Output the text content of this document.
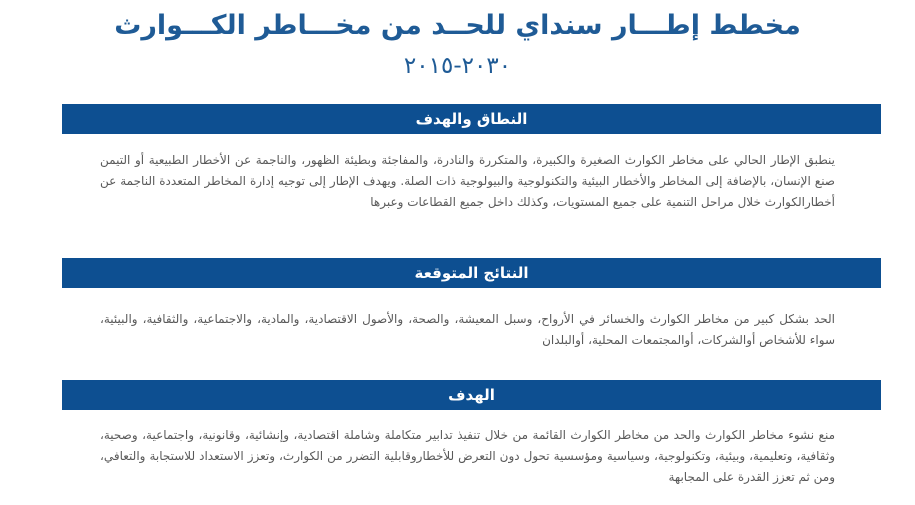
مخطط إطـــار سنداي للحــد من مخـــاطر الكـــوارث
٢٠٣٠-٢٠١٥
النطاق والهدف

ينطبق الإطار الحالي على مخاطر الكوارث الصغيرة والكبيرة، والمتكررة والنادرة، والمفاجئة وبطيئة الظهور، والناجمة عن الأخطار الطبيعية أو التيمن صنع الإنسان، بالإضافة إلى المخاطر والأخطار البيئية والتكنولوجية والبيولوجية ذات الصلة. ويهدف الإطار إلى توجيه إدارة المخاطر المتعددة الناجمة عن أخطارالكوارث خلال مراحل التنمية على جميع المستويات، وكذلك داخل جميع القطاعات وعبرها

النتائج المتوقعة

الحد بشكل كبير من مخاطر الكوارث والخسائر في الأرواح، وسبل المعيشة، والصحة، والأصول الاقتصادية، والمادية، والاجتماعية، والثقافية، والبيئية، سواء للأشخاص أوالشركات، أوالمجتمعات المحلية، أوالبلدان

الهدف

منع نشوء مخاطر الكوارث والحد من مخاطر الكوارث القائمة من خلال تنفيذ تدابير متكاملة وشاملة اقتصادية، وإنشائية، وقانونية، واجتماعية، وصحية، وثقافية، وتعليمية، وبيئية، وتكنولوجية، وسياسية ومؤسسية تحول دون التعرض للأخطاروقابلية التضرر من الكوارث، وتعزز الاستعداد للاستجابة والتعافي، ومن ثم تعزز القدرة على المجابهة
